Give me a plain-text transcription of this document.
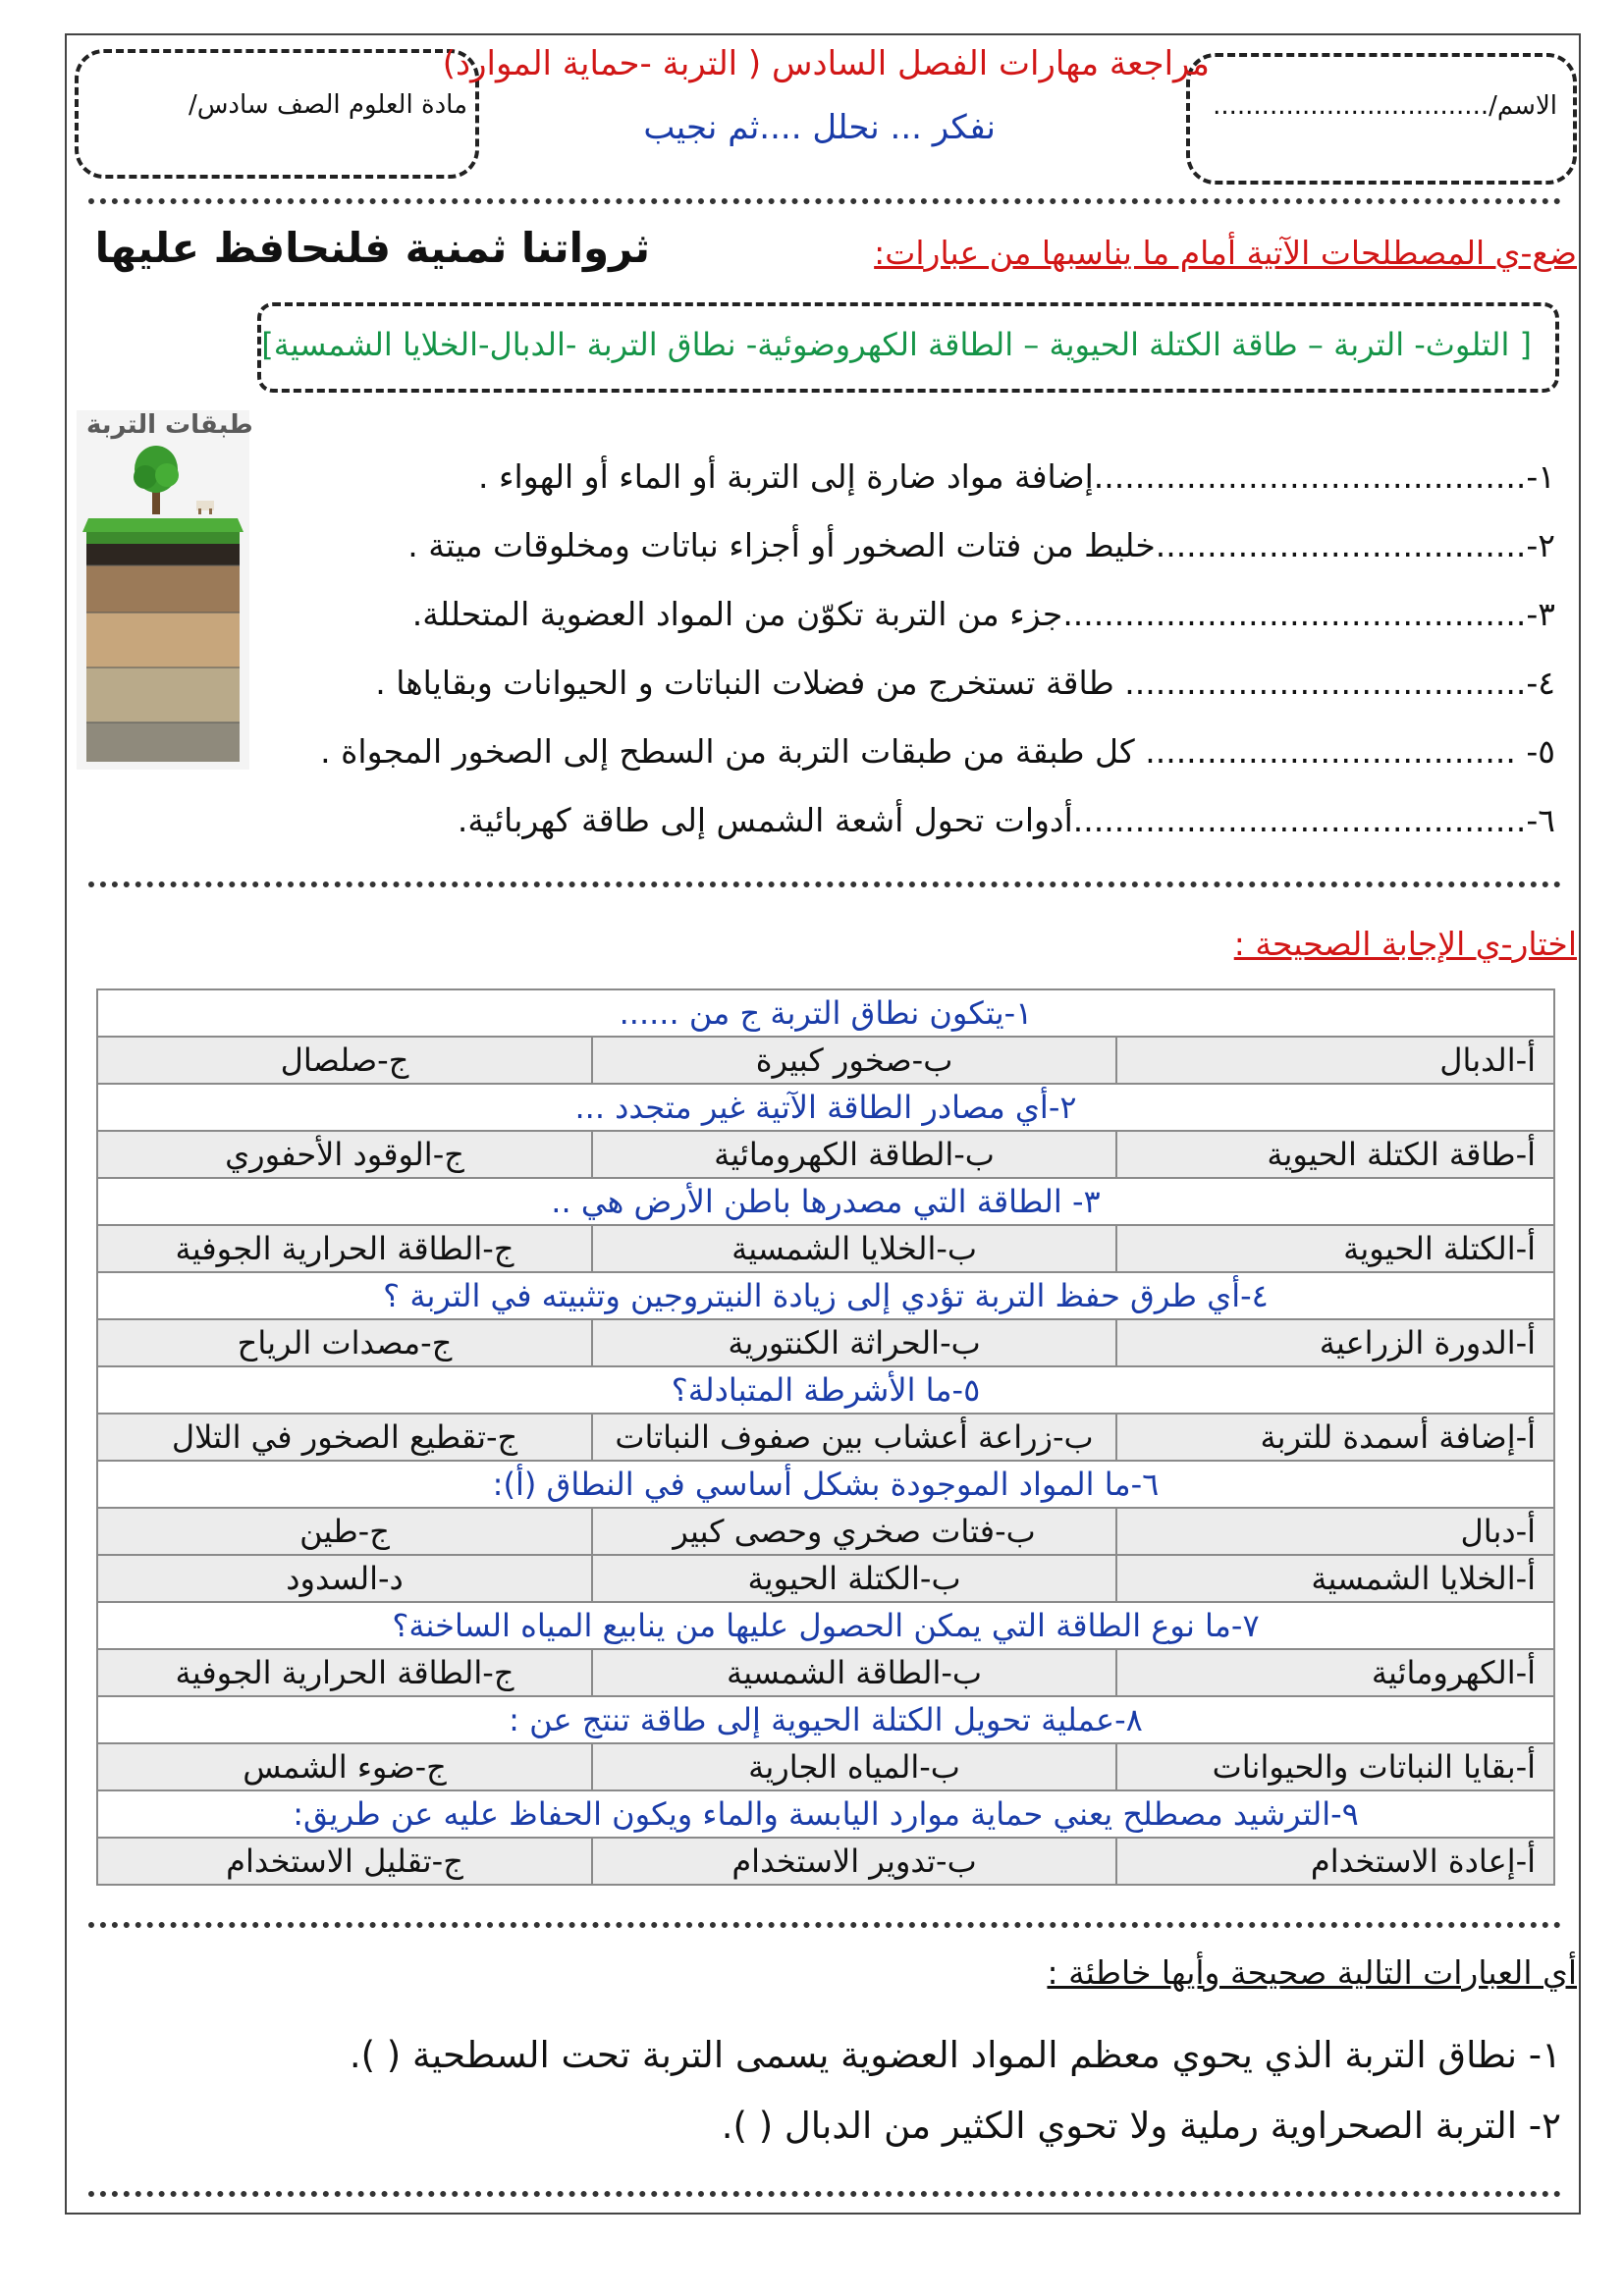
الاسم/..................................
مادة العلوم الصف سادس/
مراجعة مهارات الفصل السادس ( التربة -حماية الموارد)
نفكر ... نحلل ....ثم نجيب
ضع-ي المصطلحات الآتية أمام ما يناسبها من عبارات:
ثرواتنا ثمنية فلنحافظ عليها
[ التلوث- التربة – طاقة الكتلة الحيوية – الطاقة الكهروضوئية- نطاق التربة -الدبال-الخلايا الشمسية]
طبقات التربة
١-..........................................إضافة مواد ضارة إلى التربة أو الماء أو الهواء .
٢-....................................خليط من فتات الصخور أو أجزاء نباتات ومخلوقات ميتة .
٣-.............................................جزء من التربة تكوّن من المواد العضوية المتحللة.
٤-....................................... طاقة تستخرج من فضلات النباتات و الحيوانات وبقاياها .
٥- .................................... كل طبقة من طبقات التربة من السطح إلى الصخور المجواة .
٦-............................................أدوات تحول أشعة الشمس إلى طاقة كهربائية.
اختار-ي الإجابة الصحيحة :
١-يتكون نطاق التربة ج من ......		
أ-الدبال	ب-صخور كبيرة	ج-صلصال
٢-أي مصادر الطاقة الآتية غير متجدد ...		
أ-طاقة الكتلة الحيوية	ب-الطاقة الكهرومائية	ج-الوقود الأحفوري
٣- الطاقة التي مصدرها باطن الأرض هي ..		
أ-الكتلة الحيوية	ب-الخلايا الشمسية	ج-الطاقة الحرارية الجوفية
٤-أي طرق حفظ التربة تؤدي إلى زيادة النيتروجين وتثبيته في التربة ؟		
أ-الدورة الزراعية	ب-الحراثة الكنتورية	ج-مصدات الرياح
٥-ما الأشرطة المتبادلة؟		
أ-إضافة أسمدة للتربة	ب-زراعة أعشاب بين صفوف النباتات	ج-تقطيع الصخور في التلال
٦-ما المواد الموجودة بشكل أساسي في النطاق (أ):		
أ-دبال	ب-فتات صخري وحصى كبير	ج-طين
أ-الخلايا الشمسية	ب-الكتلة الحيوية	د-السدود
٧-ما نوع الطاقة التي يمكن الحصول عليها من ينابيع المياه الساخنة؟		
أ-الكهرومائية	ب-الطاقة الشمسية	ج-الطاقة الحرارية الجوفية
٨-عملية تحويل الكتلة الحيوية إلى طاقة تنتج عن :		
أ-بقايا النباتات والحيوانات	ب-المياه الجارية	ج-ضوء الشمس
٩-الترشيد مصطلح يعني حماية موارد اليابسة والماء ويكون الحفاظ عليه عن طريق:		
أ-إعادة الاستخدام	ب-تدوير الاستخدام	ج-تقليل الاستخدام
أي العبارات التالية صحيحة وأيها خاطئة :
١- نطاق التربة الذي يحوي معظم المواد العضوية يسمى التربة تحت السطحية ( ).
٢- التربة الصحراوية رملية ولا تحوي الكثير من الدبال ( ).
